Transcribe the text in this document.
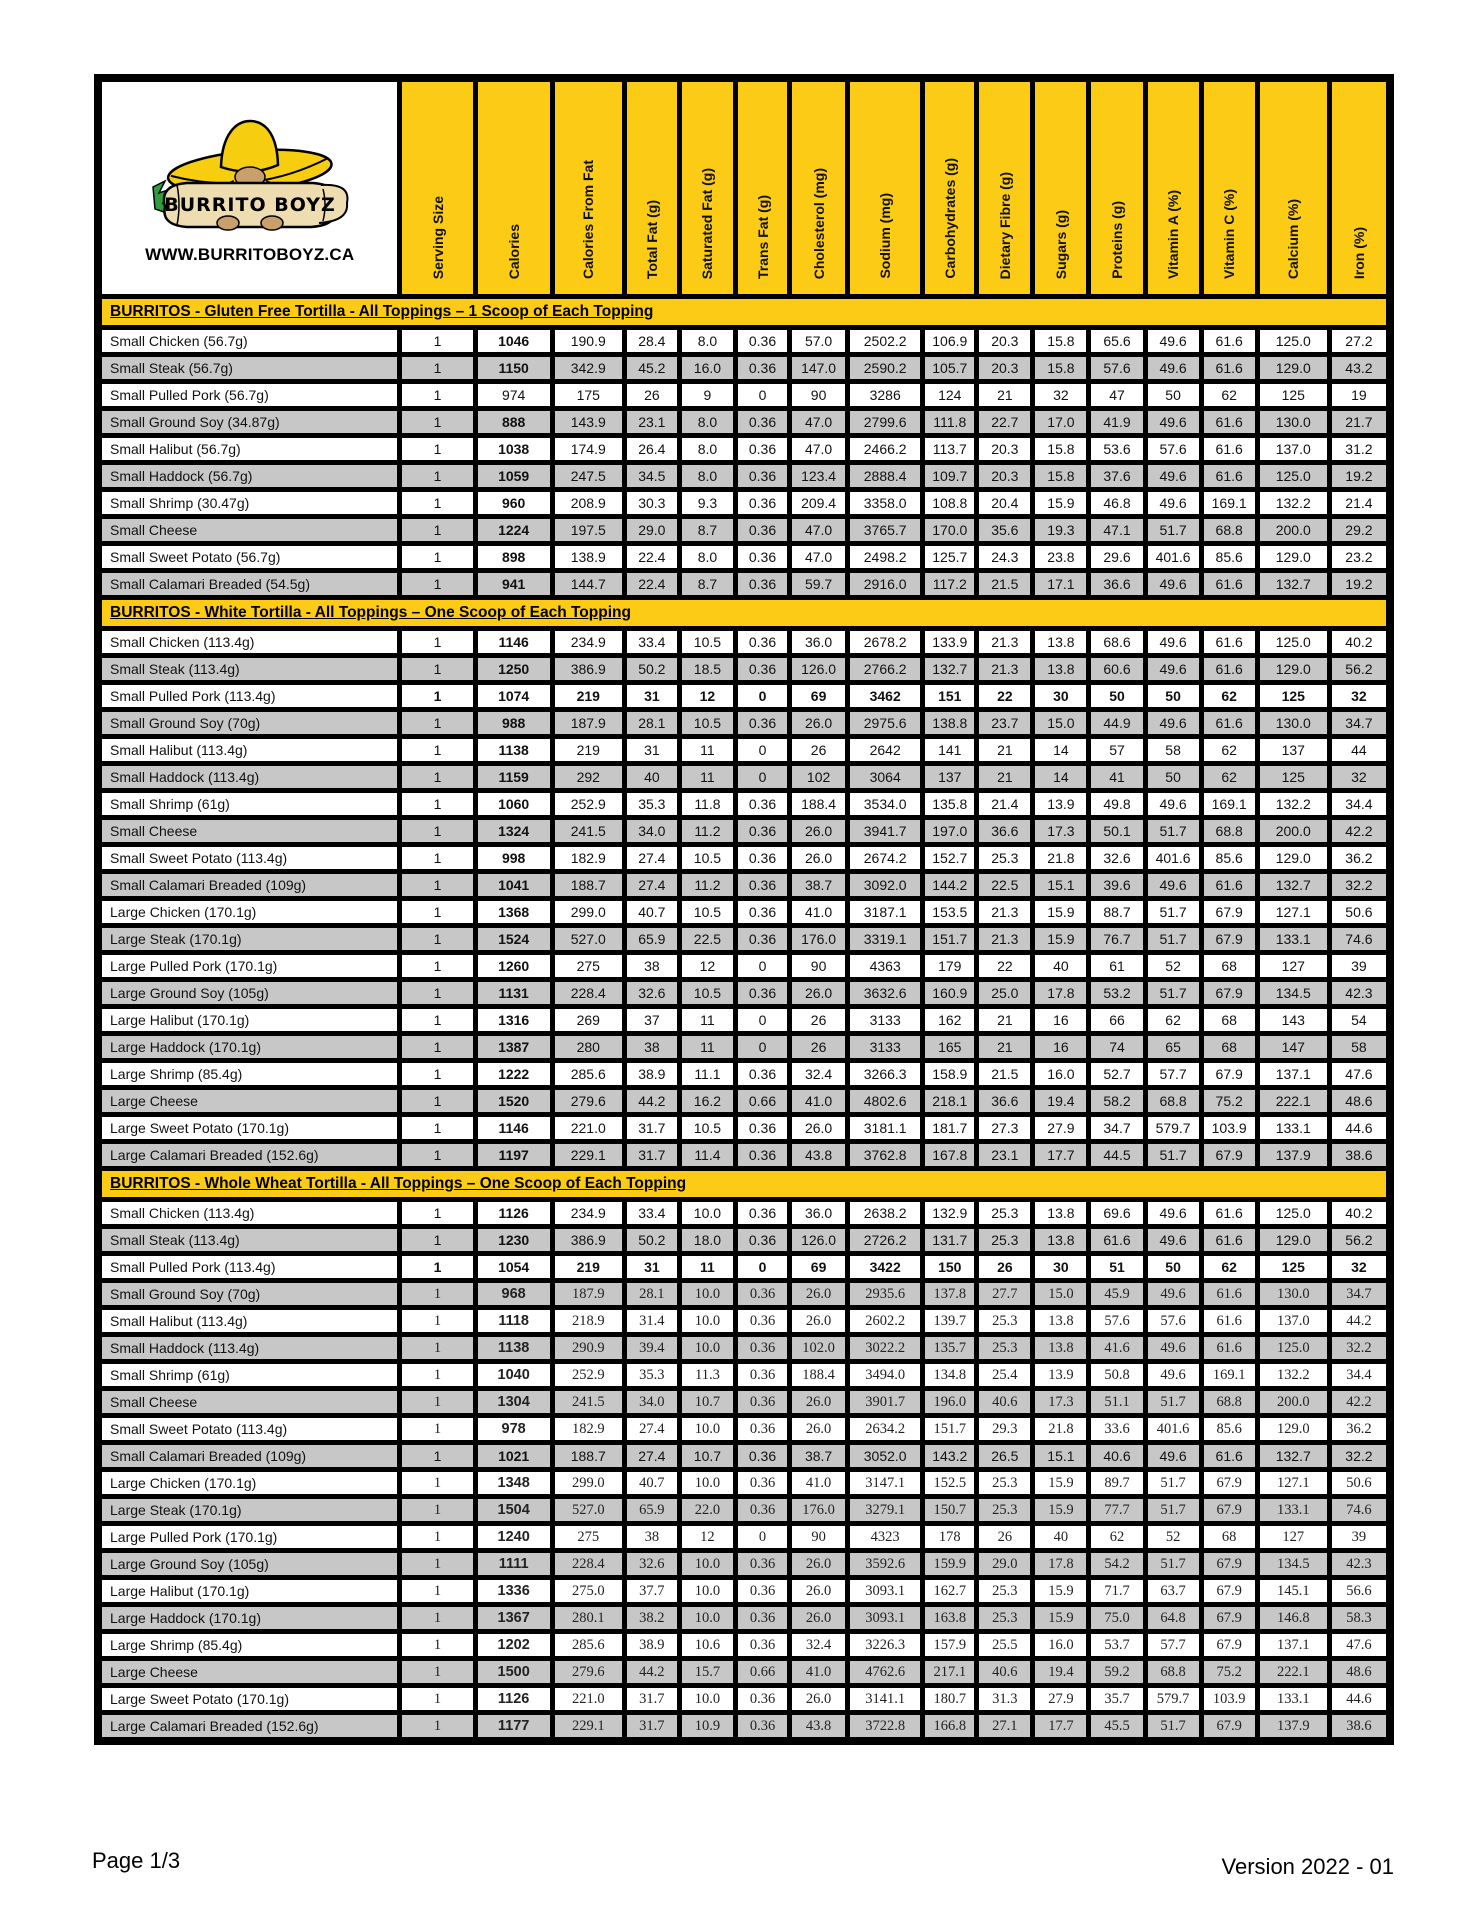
BURRITO BOYZ
WWW.BURRITOBOYZ.CA	Serving Size	Calories	Calories From Fat	Total Fat (g)	Saturated Fat (g)	Trans Fat (g)	Cholesterol (mg)	Sodium (mg)	Carbohydrates (g)	Dietary Fibre (g)	Sugars (g)	Proteins (g)	Vitamin A (%)	Vitamin C (%)	Calcium (%)	Iron (%)
BURRITOS - Gluten Free Tortilla - All Toppings – 1 Scoop of Each Topping																
Small Chicken (56.7g)	1	1046	190.9	28.4	8.0	0.36	57.0	2502.2	106.9	20.3	15.8	65.6	49.6	61.6	125.0	27.2
Small Steak (56.7g)	1	1150	342.9	45.2	16.0	0.36	147.0	2590.2	105.7	20.3	15.8	57.6	49.6	61.6	129.0	43.2
Small Pulled Pork (56.7g)	1	974	175	26	9	0	90	3286	124	21	32	47	50	62	125	19
Small Ground Soy (34.87g)	1	888	143.9	23.1	8.0	0.36	47.0	2799.6	111.8	22.7	17.0	41.9	49.6	61.6	130.0	21.7
Small Halibut (56.7g)	1	1038	174.9	26.4	8.0	0.36	47.0	2466.2	113.7	20.3	15.8	53.6	57.6	61.6	137.0	31.2
Small Haddock (56.7g)	1	1059	247.5	34.5	8.0	0.36	123.4	2888.4	109.7	20.3	15.8	37.6	49.6	61.6	125.0	19.2
Small Shrimp (30.47g)	1	960	208.9	30.3	9.3	0.36	209.4	3358.0	108.8	20.4	15.9	46.8	49.6	169.1	132.2	21.4
Small Cheese	1	1224	197.5	29.0	8.7	0.36	47.0	3765.7	170.0	35.6	19.3	47.1	51.7	68.8	200.0	29.2
Small Sweet Potato (56.7g)	1	898	138.9	22.4	8.0	0.36	47.0	2498.2	125.7	24.3	23.8	29.6	401.6	85.6	129.0	23.2
Small Calamari Breaded (54.5g)	1	941	144.7	22.4	8.7	0.36	59.7	2916.0	117.2	21.5	17.1	36.6	49.6	61.6	132.7	19.2
BURRITOS - White Tortilla - All Toppings – One Scoop of Each Topping																
Small Chicken (113.4g)	1	1146	234.9	33.4	10.5	0.36	36.0	2678.2	133.9	21.3	13.8	68.6	49.6	61.6	125.0	40.2
Small Steak (113.4g)	1	1250	386.9	50.2	18.5	0.36	126.0	2766.2	132.7	21.3	13.8	60.6	49.6	61.6	129.0	56.2
Small Pulled Pork (113.4g)	1	1074	219	31	12	0	69	3462	151	22	30	50	50	62	125	32
Small Ground Soy (70g)	1	988	187.9	28.1	10.5	0.36	26.0	2975.6	138.8	23.7	15.0	44.9	49.6	61.6	130.0	34.7
Small Halibut (113.4g)	1	1138	219	31	11	0	26	2642	141	21	14	57	58	62	137	44
Small Haddock (113.4g)	1	1159	292	40	11	0	102	3064	137	21	14	41	50	62	125	32
Small Shrimp (61g)	1	1060	252.9	35.3	11.8	0.36	188.4	3534.0	135.8	21.4	13.9	49.8	49.6	169.1	132.2	34.4
Small Cheese	1	1324	241.5	34.0	11.2	0.36	26.0	3941.7	197.0	36.6	17.3	50.1	51.7	68.8	200.0	42.2
Small Sweet Potato (113.4g)	1	998	182.9	27.4	10.5	0.36	26.0	2674.2	152.7	25.3	21.8	32.6	401.6	85.6	129.0	36.2
Small Calamari Breaded (109g)	1	1041	188.7	27.4	11.2	0.36	38.7	3092.0	144.2	22.5	15.1	39.6	49.6	61.6	132.7	32.2
Large Chicken (170.1g)	1	1368	299.0	40.7	10.5	0.36	41.0	3187.1	153.5	21.3	15.9	88.7	51.7	67.9	127.1	50.6
Large Steak (170.1g)	1	1524	527.0	65.9	22.5	0.36	176.0	3319.1	151.7	21.3	15.9	76.7	51.7	67.9	133.1	74.6
Large Pulled Pork (170.1g)	1	1260	275	38	12	0	90	4363	179	22	40	61	52	68	127	39
Large Ground Soy (105g)	1	1131	228.4	32.6	10.5	0.36	26.0	3632.6	160.9	25.0	17.8	53.2	51.7	67.9	134.5	42.3
Large Halibut (170.1g)	1	1316	269	37	11	0	26	3133	162	21	16	66	62	68	143	54
Large Haddock (170.1g)	1	1387	280	38	11	0	26	3133	165	21	16	74	65	68	147	58
Large Shrimp (85.4g)	1	1222	285.6	38.9	11.1	0.36	32.4	3266.3	158.9	21.5	16.0	52.7	57.7	67.9	137.1	47.6
Large Cheese	1	1520	279.6	44.2	16.2	0.66	41.0	4802.6	218.1	36.6	19.4	58.2	68.8	75.2	222.1	48.6
Large Sweet Potato (170.1g)	1	1146	221.0	31.7	10.5	0.36	26.0	3181.1	181.7	27.3	27.9	34.7	579.7	103.9	133.1	44.6
Large Calamari Breaded (152.6g)	1	1197	229.1	31.7	11.4	0.36	43.8	3762.8	167.8	23.1	17.7	44.5	51.7	67.9	137.9	38.6
BURRITOS - Whole Wheat Tortilla - All Toppings – One Scoop of Each Topping																
Small Chicken (113.4g)	1	1126	234.9	33.4	10.0	0.36	36.0	2638.2	132.9	25.3	13.8	69.6	49.6	61.6	125.0	40.2
Small Steak (113.4g)	1	1230	386.9	50.2	18.0	0.36	126.0	2726.2	131.7	25.3	13.8	61.6	49.6	61.6	129.0	56.2
Small Pulled Pork (113.4g)	1	1054	219	31	11	0	69	3422	150	26	30	51	50	62	125	32
Small Ground Soy (70g)	1	968	187.9	28.1	10.0	0.36	26.0	2935.6	137.8	27.7	15.0	45.9	49.6	61.6	130.0	34.7
Small Halibut (113.4g)	1	1118	218.9	31.4	10.0	0.36	26.0	2602.2	139.7	25.3	13.8	57.6	57.6	61.6	137.0	44.2
Small Haddock (113.4g)	1	1138	290.9	39.4	10.0	0.36	102.0	3022.2	135.7	25.3	13.8	41.6	49.6	61.6	125.0	32.2
Small Shrimp (61g)	1	1040	252.9	35.3	11.3	0.36	188.4	3494.0	134.8	25.4	13.9	50.8	49.6	169.1	132.2	34.4
Small Cheese	1	1304	241.5	34.0	10.7	0.36	26.0	3901.7	196.0	40.6	17.3	51.1	51.7	68.8	200.0	42.2
Small Sweet Potato (113.4g)	1	978	182.9	27.4	10.0	0.36	26.0	2634.2	151.7	29.3	21.8	33.6	401.6	85.6	129.0	36.2
Small Calamari Breaded (109g)	1	1021	188.7	27.4	10.7	0.36	38.7	3052.0	143.2	26.5	15.1	40.6	49.6	61.6	132.7	32.2
Large Chicken (170.1g)	1	1348	299.0	40.7	10.0	0.36	41.0	3147.1	152.5	25.3	15.9	89.7	51.7	67.9	127.1	50.6
Large Steak (170.1g)	1	1504	527.0	65.9	22.0	0.36	176.0	3279.1	150.7	25.3	15.9	77.7	51.7	67.9	133.1	74.6
Large Pulled Pork (170.1g)	1	1240	275	38	12	0	90	4323	178	26	40	62	52	68	127	39
Large Ground Soy (105g)	1	1111	228.4	32.6	10.0	0.36	26.0	3592.6	159.9	29.0	17.8	54.2	51.7	67.9	134.5	42.3
Large Halibut (170.1g)	1	1336	275.0	37.7	10.0	0.36	26.0	3093.1	162.7	25.3	15.9	71.7	63.7	67.9	145.1	56.6
Large Haddock (170.1g)	1	1367	280.1	38.2	10.0	0.36	26.0	3093.1	163.8	25.3	15.9	75.0	64.8	67.9	146.8	58.3
Large Shrimp (85.4g)	1	1202	285.6	38.9	10.6	0.36	32.4	3226.3	157.9	25.5	16.0	53.7	57.7	67.9	137.1	47.6
Large Cheese	1	1500	279.6	44.2	15.7	0.66	41.0	4762.6	217.1	40.6	19.4	59.2	68.8	75.2	222.1	48.6
Large Sweet Potato (170.1g)	1	1126	221.0	31.7	10.0	0.36	26.0	3141.1	180.7	31.3	27.9	35.7	579.7	103.9	133.1	44.6
Large Calamari Breaded (152.6g)	1	1177	229.1	31.7	10.9	0.36	43.8	3722.8	166.8	27.1	17.7	45.5	51.7	67.9	137.9	38.6
Page 1/3	Version 2022 - 01
